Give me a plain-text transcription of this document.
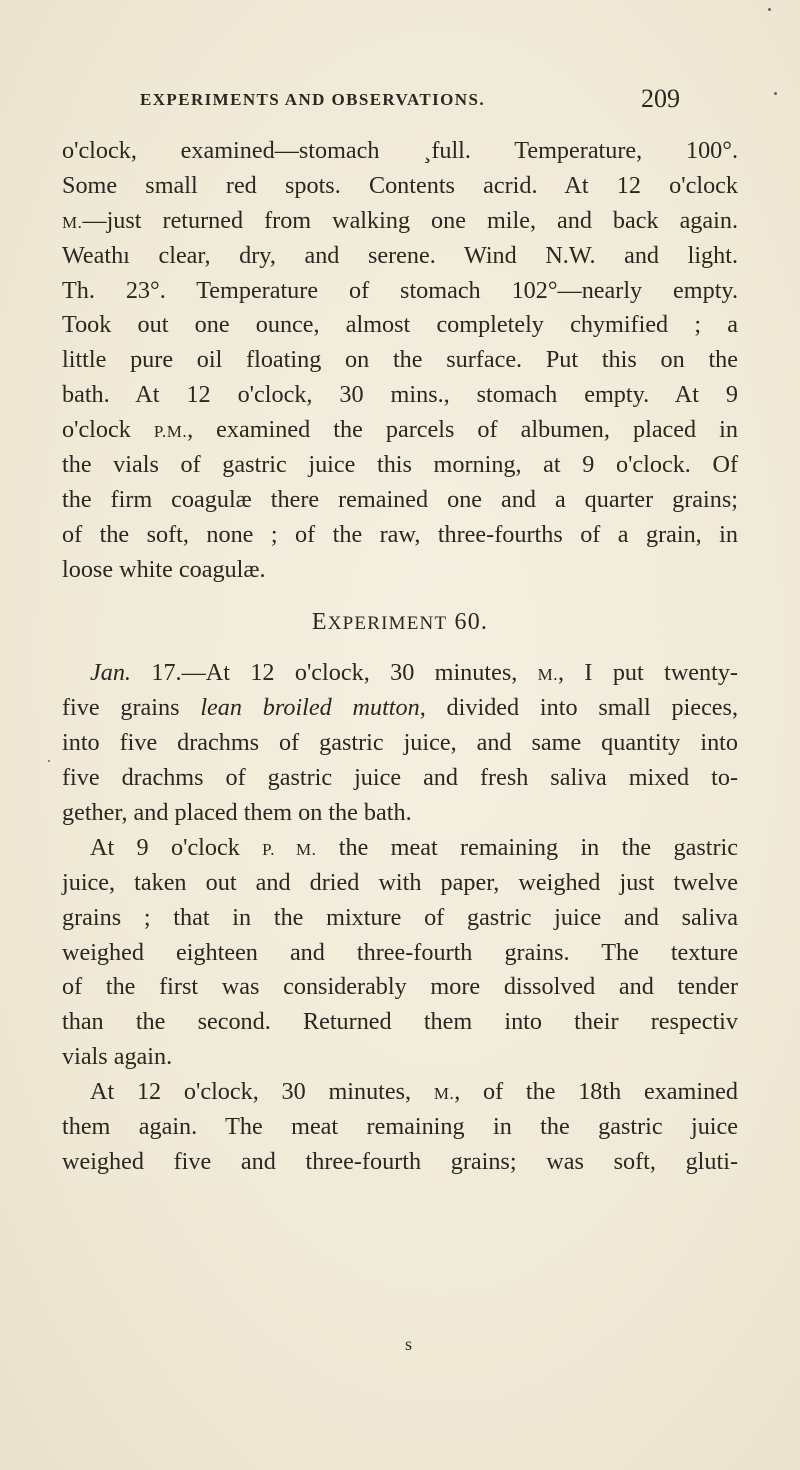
EXPERIMENTS AND OBSERVATIONS.	209
o'clock, examined—stomach ¸full. Temperature, 100°.
Some small red spots. Contents acrid. At 12 o'clock
M.—just returned from walking one mile, and back again.
Weathı clear, dry, and serene. Wind N.W. and light.
Th. 23°. Temperature of stomach 102°—nearly empty.
Took out one ounce, almost completely chymified ; a
little pure oil floating on the surface. Put this on the
bath. At 12 o'clock, 30 mins., stomach empty. At 9
o'clock P.M., examined the parcels of albumen, placed in
the vials of gastric juice this morning, at 9 o'clock. Of
the firm coagulæ there remained one and a quarter grains;
of the soft, none ; of the raw, three-fourths of a grain, in
loose white coagulæ.
EXPERIMENT 60.
Jan. 17.—At 12 o'clock, 30 minutes, M., I put twenty-
five grains lean broiled mutton, divided into small pieces,
into five drachms of gastric juice, and same quantity into
five drachms of gastric juice and fresh saliva mixed to-
gether, and placed them on the bath.
At 9 o'clock P. M. the meat remaining in the gastric
juice, taken out and dried with paper, weighed just twelve
grains ; that in the mixture of gastric juice and saliva
weighed eighteen and three-fourth grains. The texture
of the first was considerably more dissolved and tender
than the second. Returned them into their respectiv
vials again.
At 12 o'clock, 30 minutes, M., of the 18th examined
them again. The meat remaining in the gastric juice
weighed five and three-fourth grains; was soft, gluti-
s
